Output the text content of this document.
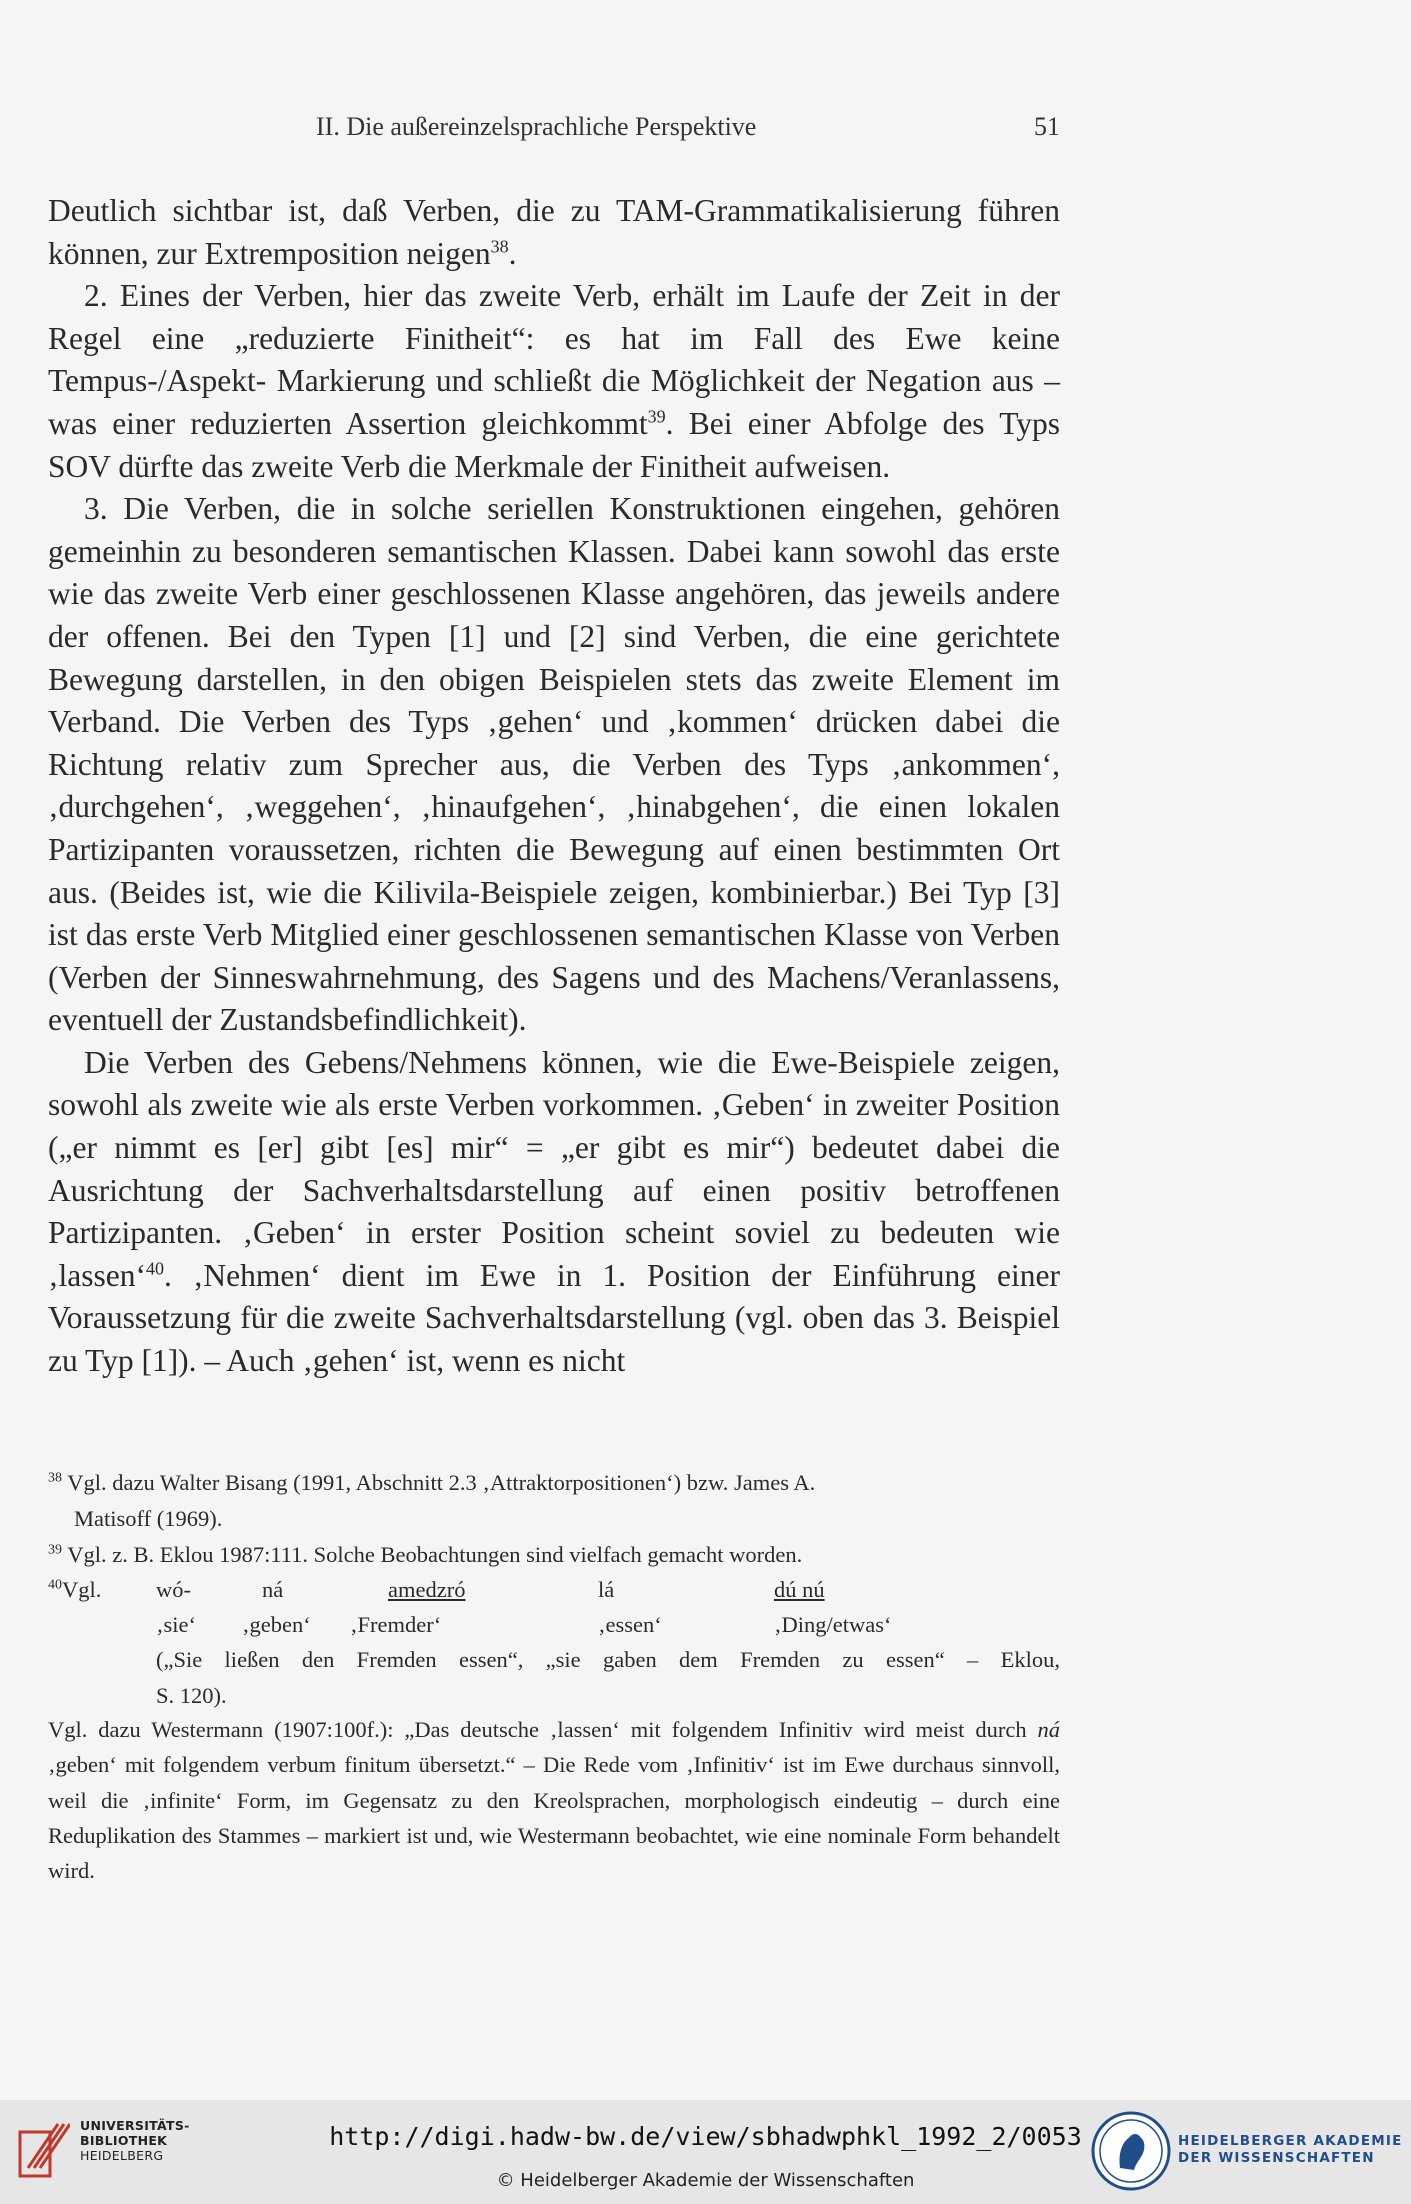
II. Die außereinzelsprachliche Perspektive	51

Deutlich sichtbar ist, daß Verben, die zu TAM-Grammatikalisierung führen können, zur Extremposition neigen$^{38}$.

2. Eines der Verben, hier das zweite Verb, erhält im Laufe der Zeit in der Regel eine „reduzierte Finitheit“: es hat im Fall des Ewe keine Tempus-/Aspekt- Markierung und schließt die Möglichkeit der Negation aus – was einer reduzierten Assertion gleichkommt$^{39}$. Bei einer Abfolge des Typs SOV dürfte das zweite Verb die Merkmale der Finitheit aufweisen.

3. Die Verben, die in solche seriellen Konstruktionen eingehen, gehören gemeinhin zu besonderen semantischen Klassen. Dabei kann sowohl das erste wie das zweite Verb einer geschlossenen Klasse angehören, das jeweils andere der offenen. Bei den Typen [1] und [2] sind Verben, die eine gerichtete Bewegung darstellen, in den obigen Beispielen stets das zweite Element im Verband. Die Verben des Typs ‚gehen‘ und ‚kommen‘ drücken dabei die Richtung relativ zum Sprecher aus, die Verben des Typs ‚ankommen‘, ‚durchgehen‘, ‚weggehen‘, ‚hinaufgehen‘, ‚hinabgehen‘, die einen lokalen Partizipanten voraussetzen, richten die Bewegung auf einen bestimmten Ort aus. (Beides ist, wie die Kilivila-Beispiele zeigen, kombinierbar.) Bei Typ [3] ist das erste Verb Mitglied einer geschlossenen semantischen Klasse von Verben (Verben der Sinneswahrnehmung, des Sagens und des Machens/Veranlassens, eventuell der Zustandsbefindlichkeit).

Die Verben des Gebens/Nehmens können, wie die Ewe-Beispiele zeigen, sowohl als zweite wie als erste Verben vorkommen. ‚Geben‘ in zweiter Position („er nimmt es [er] gibt [es] mir“ = „er gibt es mir“) bedeutet dabei die Ausrichtung der Sachverhaltsdarstellung auf einen positiv betroffenen Partizipanten. ‚Geben‘ in erster Position scheint soviel zu bedeuten wie ‚lassen‘$^{40}$. ‚Nehmen‘ dient im Ewe in 1. Position der Einführung einer Voraussetzung für die zweite Sachverhaltsdarstellung (vgl. oben das 3. Beispiel zu Typ [1]). – Auch ‚gehen‘ ist, wenn es nicht

$^{38}$ Vgl. dazu Walter Bisang (1991, Abschnitt 2.3 ‚Attraktorpositionen‘) bzw. James A.
Matisoff (1969).
$^{39}$ Vgl. z. B. Eklou 1987:111. Solche Beobachtungen sind vielfach gemacht worden.
$^{40}$ Vgl. wó-	ná	amedzró	lá	dú nú
‚sie‘ ‚geben‘ ‚Fremder‘	‚essen‘	‚Ding/etwas‘
(„Sie ließen den Fremden essen“, „sie gaben dem Fremden zu essen“ – Eklou,
S. 120).
Vgl. dazu Westermann (1907:100f.): „Das deutsche ‚lassen‘ mit folgendem Infinitiv wird meist durch ná ‚geben‘ mit folgendem verbum finitum übersetzt.“ – Die Rede vom ‚Infinitiv‘ ist im Ewe durchaus sinnvoll, weil die ‚infinite‘ Form, im Gegensatz zu den Kreolsprachen, morphologisch eindeutig – durch eine Reduplikation des Stammes – markiert ist und, wie Westermann beobachtet, wie eine nominale Form behandelt wird.
UNIVERSITÄTS-
BIBLIOTHEK
HEIDELBERG
http://digi.hadw-bw.de/view/sbhadwphkl_1992_2/0053
© Heidelberger Akademie der Wissenschaften
HEIDELBERGER AKADEMIE
DER WISSENSCHAFTEN
